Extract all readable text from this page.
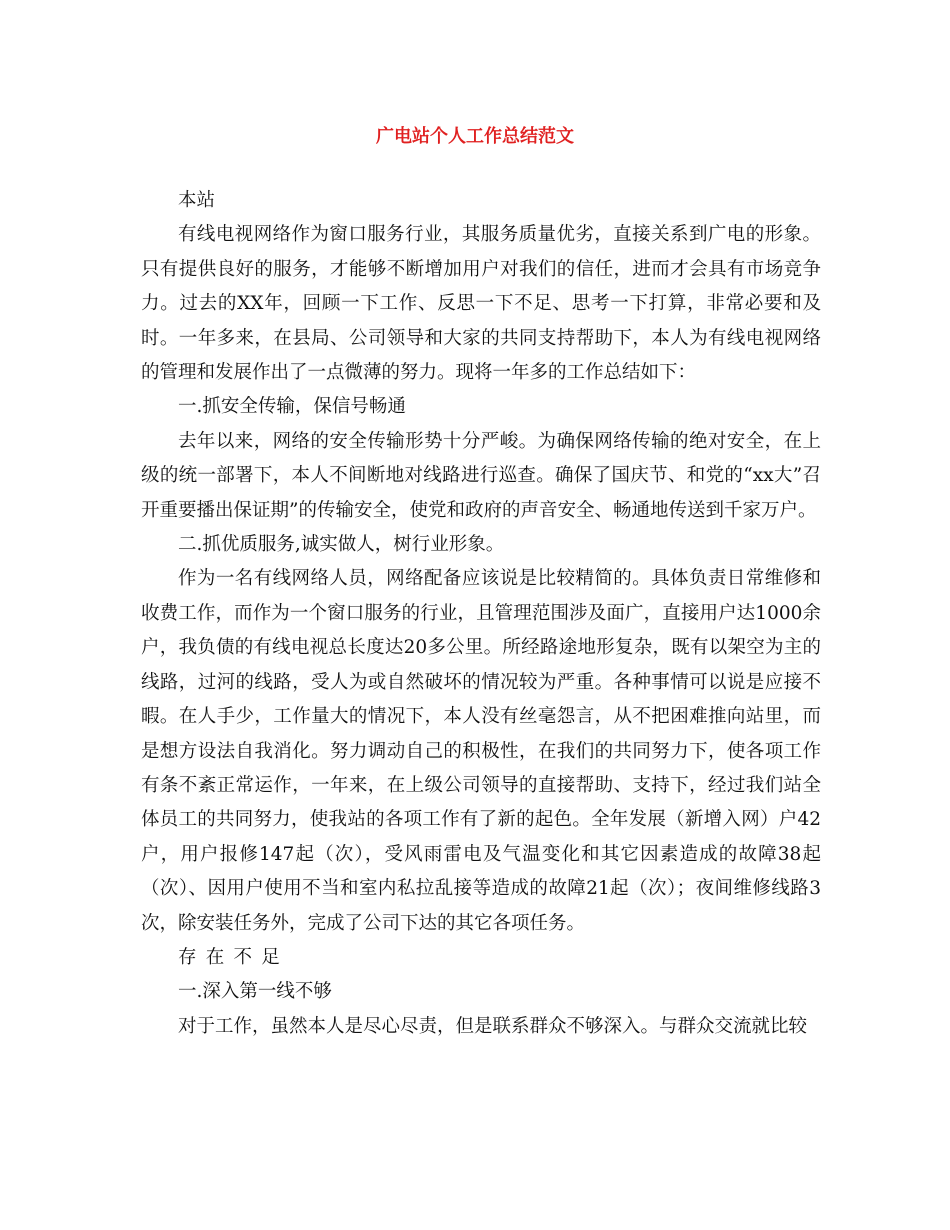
广电站个人工作总结范文

本站

有线电视网络作为窗口服务行业，其服务质量优劣，直接关系到广电的形象。只有提供良好的服务，才能够不断增加用户对我们的信任，进而才会具有市场竞争力。过去的XX年，回顾一下工作、反思一下不足、思考一下打算，非常必要和及时。一年多来，在县局、公司领导和大家的共同支持帮助下，本人为有线电视网络的管理和发展作出了一点微薄的努力。现将一年多的工作总结如下：

一.抓安全传输，保信号畅通

去年以来，网络的安全传输形势十分严峻。为确保网络传输的绝对安全，在上级的统一部署下，本人不间断地对线路进行巡查。确保了国庆节、和党的“xx大”召开重要播出保证期”的传输安全，使党和政府的声音安全、畅通地传送到千家万户。

二.抓优质服务,诚实做人，树行业形象。

作为一名有线网络人员，网络配备应该说是比较精简的。具体负责日常维修和收费工作，而作为一个窗口服务的行业，且管理范围涉及面广，直接用户达1000余户，我负债的有线电视总长度达20多公里。所经路途地形复杂，既有以架空为主的线路，过河的线路，受人为或自然破坏的情况较为严重。各种事情可以说是应接不暇。在人手少，工作量大的情况下，本人没有丝毫怨言，从不把困难推向站里，而是想方设法自我消化。努力调动自己的积极性，在我们的共同努力下，使各项工作有条不紊正常运作，一年来，在上级公司领导的直接帮助、支持下，经过我们站全体员工的共同努力，使我站的各项工作有了新的起色。全年发展（新增入网）户42户，用户报修147起（次），受风雨雷电及气温变化和其它因素造成的故障38起（次）、因用户使用不当和室内私拉乱接等造成的故障21起（次）；夜间维修线路3次，除安装任务外，完成了公司下达的其它各项任务。

存在不足

一.深入第一线不够

对于工作，虽然本人是尽心尽责，但是联系群众不够深入。与群众交流就比较
